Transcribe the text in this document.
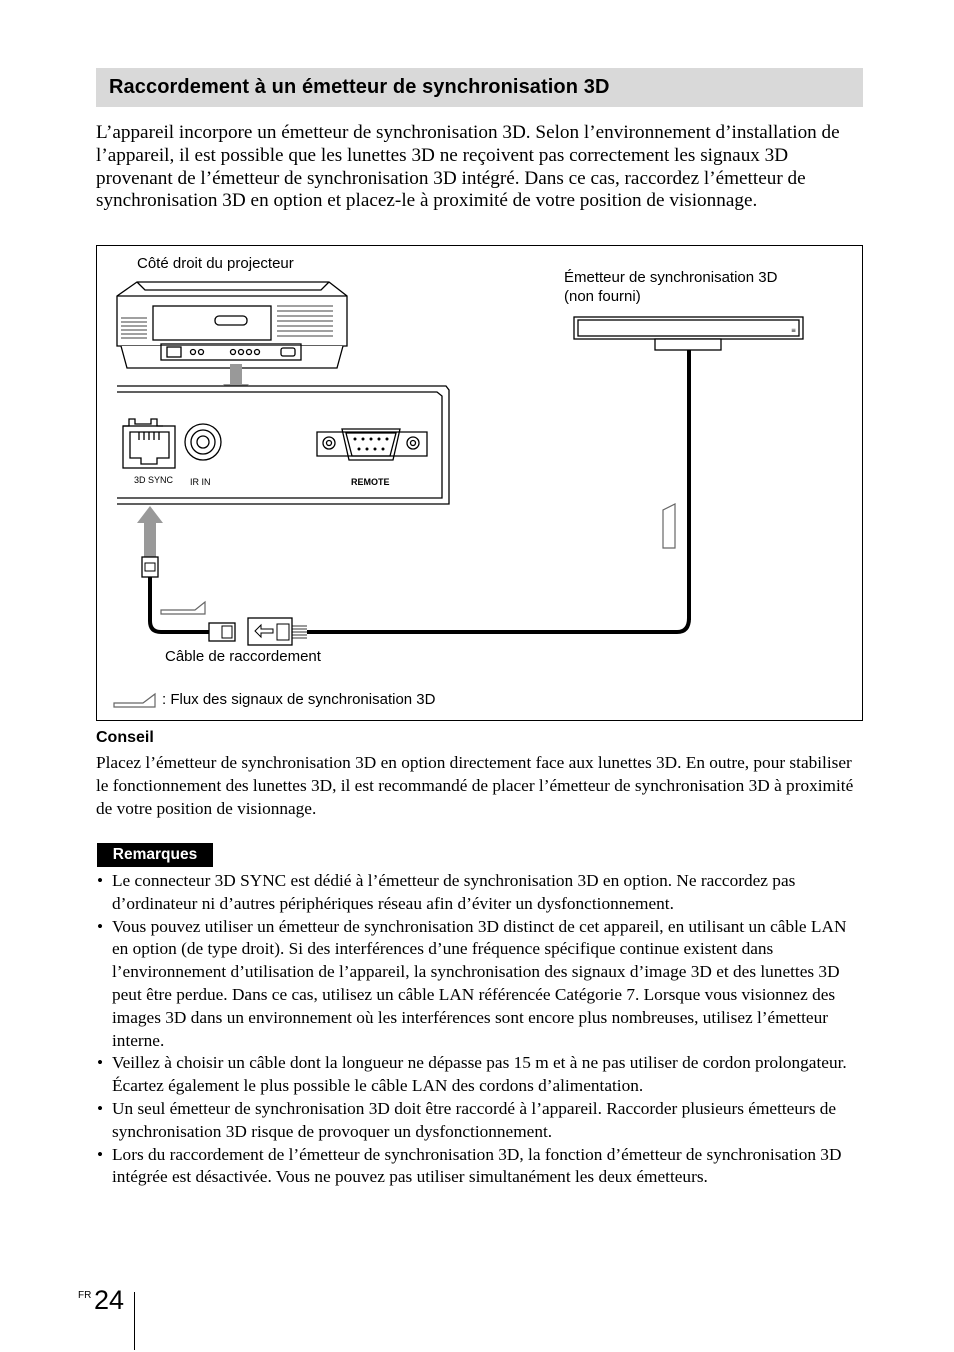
Raccordement à un émetteur de synchronisation 3D

L’appareil incorpore un émetteur de synchronisation 3D. Selon l’environnement d’installation de l’appareil, il est possible que les lunettes 3D ne reçoivent pas correctement les signaux 3D provenant de l’émetteur de synchronisation 3D intégré. Dans ce cas, raccordez l’émetteur de synchronisation 3D en option et placez-le à proximité de votre position de visionnage.

≡
Côté droit du projecteur
Émetteur de synchronisation 3D
(non fourni)
3D SYNC IR IN	REMOTE
Câble de raccordement
: Flux des signaux de synchronisation 3D
Conseil

Placez l’émetteur de synchronisation 3D en option directement face aux lunettes 3D. En outre, pour stabiliser le fonctionnement des lunettes 3D, il est recommandé de placer l’émetteur de synchronisation 3D à proximité de votre position de visionnage.

Remarques
• Le connecteur 3D SYNC est dédié à l’émetteur de synchronisation 3D en option. Ne raccordez pas d’ordinateur ni d’autres périphériques réseau afin d’éviter un dysfonctionnement.
• Vous pouvez utiliser un émetteur de synchronisation 3D distinct de cet appareil, en utilisant un câble LAN en option (de type droit). Si des interférences d’une fréquence spécifique continue existent dans l’environnement d’utilisation de l’appareil, la synchronisation des signaux d’image 3D et des lunettes 3D peut être perdue. Dans ce cas, utilisez un câble LAN référencée Catégorie 7. Lorsque vous visionnez des images 3D dans un environnement où les interférences sont encore plus nombreuses, utilisez l’émetteur interne.
• Veillez à choisir un câble dont la longueur ne dépasse pas 15 m et à ne pas utiliser de cordon prolongateur. Écartez également le plus possible le câble LAN des cordons d’alimentation.
• Un seul émetteur de synchronisation 3D doit être raccordé à l’appareil. Raccorder plusieurs émetteurs de synchronisation 3D risque de provoquer un dysfonctionnement.
• Lors du raccordement de l’émetteur de synchronisation 3D, la fonction d’émetteur de synchronisation 3D intégrée est désactivée. Vous ne pouvez pas utiliser simultanément les deux émetteurs.
FR 24
